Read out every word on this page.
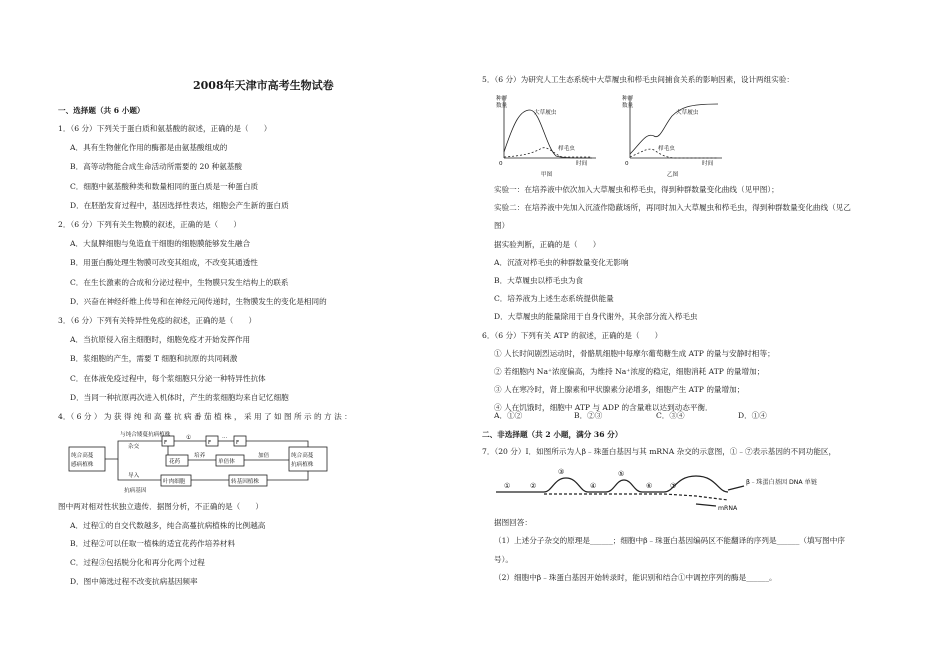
2008年天津市高考生物试卷
一、选择题（共 6 小题）
1．（6 分）下列关于蛋白质和氨基酸的叙述，正确的是（　　）
A．具有生物催化作用的酶都是由氨基酸组成的
B．高等动物能合成生命活动所需要的 20 种氨基酸
C．细胞中氨基酸种类和数量相同的蛋白质是一种蛋白质
D．在胚胎发育过程中，基因选择性表达，细胞会产生新的蛋白质
2．（6 分）下列有关生物膜的叙述，正确的是（　　）
A．大鼠脾细胞与兔造血干细胞的细胞膜能够发生融合
B．用蛋白酶处理生物膜可改变其组成，不改变其通透性
C．在生长激素的合成和分泌过程中，生物膜只发生结构上的联系
D．兴奋在神经纤维上传导和在神经元间传递时，生物膜发生的变化是相同的
3．（6 分）下列有关特异性免疫的叙述，正确的是（　　）
A．当抗原侵入宿主细胞时，细胞免疫才开始发挥作用
B．浆细胞的产生，需要 T 细胞和抗原的共同刺激
C．在体液免疫过程中，每个浆细胞只分泌一种特异性抗体
D．当同一种抗原再次进入机体时，产生的浆细胞均来自记忆细胞
4．（ 6 分 ） 为 获 得 纯 和 高 蔓 抗 病 番 茄 植 株 ， 采 用 了 如 图 所 示 的 方 法 ：
纯合高蔓
感病植株
与纯合矮蔓抗病植株
杂交
F
①
F
···
F
花药
培养
单倍体
加倍	纯合高蔓
抗病植株
叶肉细胞
导入
抗病基因
转基因植株
图中两对相对性状独立遗传．据图分析，不正确的是（　　）
A．过程①的自交代数越多，纯合高蔓抗病植株的比例越高
B．过程②可以任取一植株的适宜花药作培养材料
C．过程③包括脱分化和再分化两个过程
D．图中筛选过程不改变抗病基因频率
5．（6 分）为研究人工生态系统中大草履虫和栉毛虫间捕食关系的影响因素，设计两组实验：
种群
数量
大草履虫
栉毛虫
0	时间
甲图
种群
数量
大草履虫
栉毛虫
0	时间
乙图
实验一：在培养液中依次加入大草履虫和栉毛虫，得到种群数量变化曲线（见甲图）；
实验二：在培养液中先加入沉渣作隐蔽场所，再同时加入大草履虫和栉毛虫，得到种群数量变化曲线（见乙
图）
据实验判断，正确的是（　　）
A．沉渣对栉毛虫的种群数量变化无影响
B．大草履虫以栉毛虫为食
C．培养液为上述生态系统提供能量
D．大草履虫的能量除用于自身代谢外，其余部分流入栉毛虫
6．（6 分）下列有关 ATP 的叙述，正确的是（　　）
① 人长时间剧烈运动时，骨骼肌细胞中每摩尔葡萄糖生成 ATP 的量与安静时相等；
② 若细胞内 Na⁺浓度偏高，为维持 Na⁺浓度的稳定，细胞消耗 ATP 的量增加；
③ 人在寒冷时，肾上腺素和甲状腺素分泌增多，细胞产生 ATP 的量增加；
④ 人在饥饿时，细胞中 ATP 与 ADP 的含量难以达到动态平衡．
A．①②	B．②③	C．③④	D．①④
二、非选择题（共 2 小题，满分 36 分）
7．（20 分）Ⅰ．如图所示为人β﹣珠蛋白基因与其 mRNA 杂交的示意图，①﹣⑦表示基因的不同功能区，
①	②
③
④
⑤
⑥	⑦	β﹣珠蛋白基因 DNA 单链
mRNA
据图回答：
（1）上述分子杂交的原理是______；细胞中β﹣珠蛋白基因编码区不能翻译的序列是______（填写图中序
号）。
（2）细胞中β﹣珠蛋白基因开始转录时，能识别和结合①中调控序列的酶是______。
